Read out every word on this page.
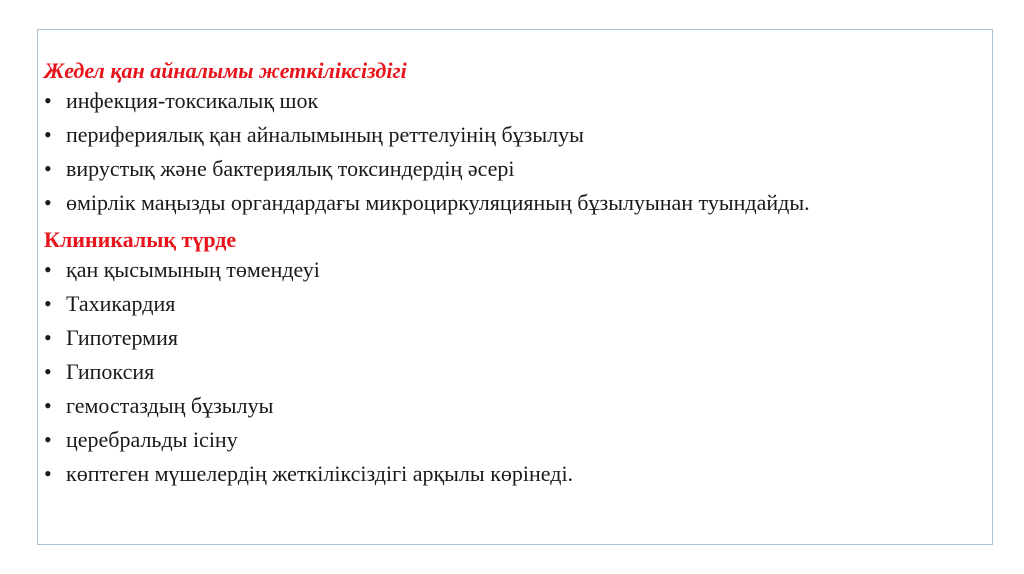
Жедел қан айналымы жеткіліксіздігі
• инфекция-токсикалық шок
• перифериялық қан айналымының реттелуінің бұзылуы
• вирустық және бактериялық токсиндердің әсері
• өмірлік маңызды органдардағы микроциркуляцияның бұзылуынан туындайды.
Клиникалық түрде
• қан қысымының төмендеуі
• Тахикардия
• Гипотермия
• Гипоксия
• гемостаздың бұзылуы
• церебральды ісіну
• көптеген мүшелердің жеткіліксіздігі арқылы көрінеді.
